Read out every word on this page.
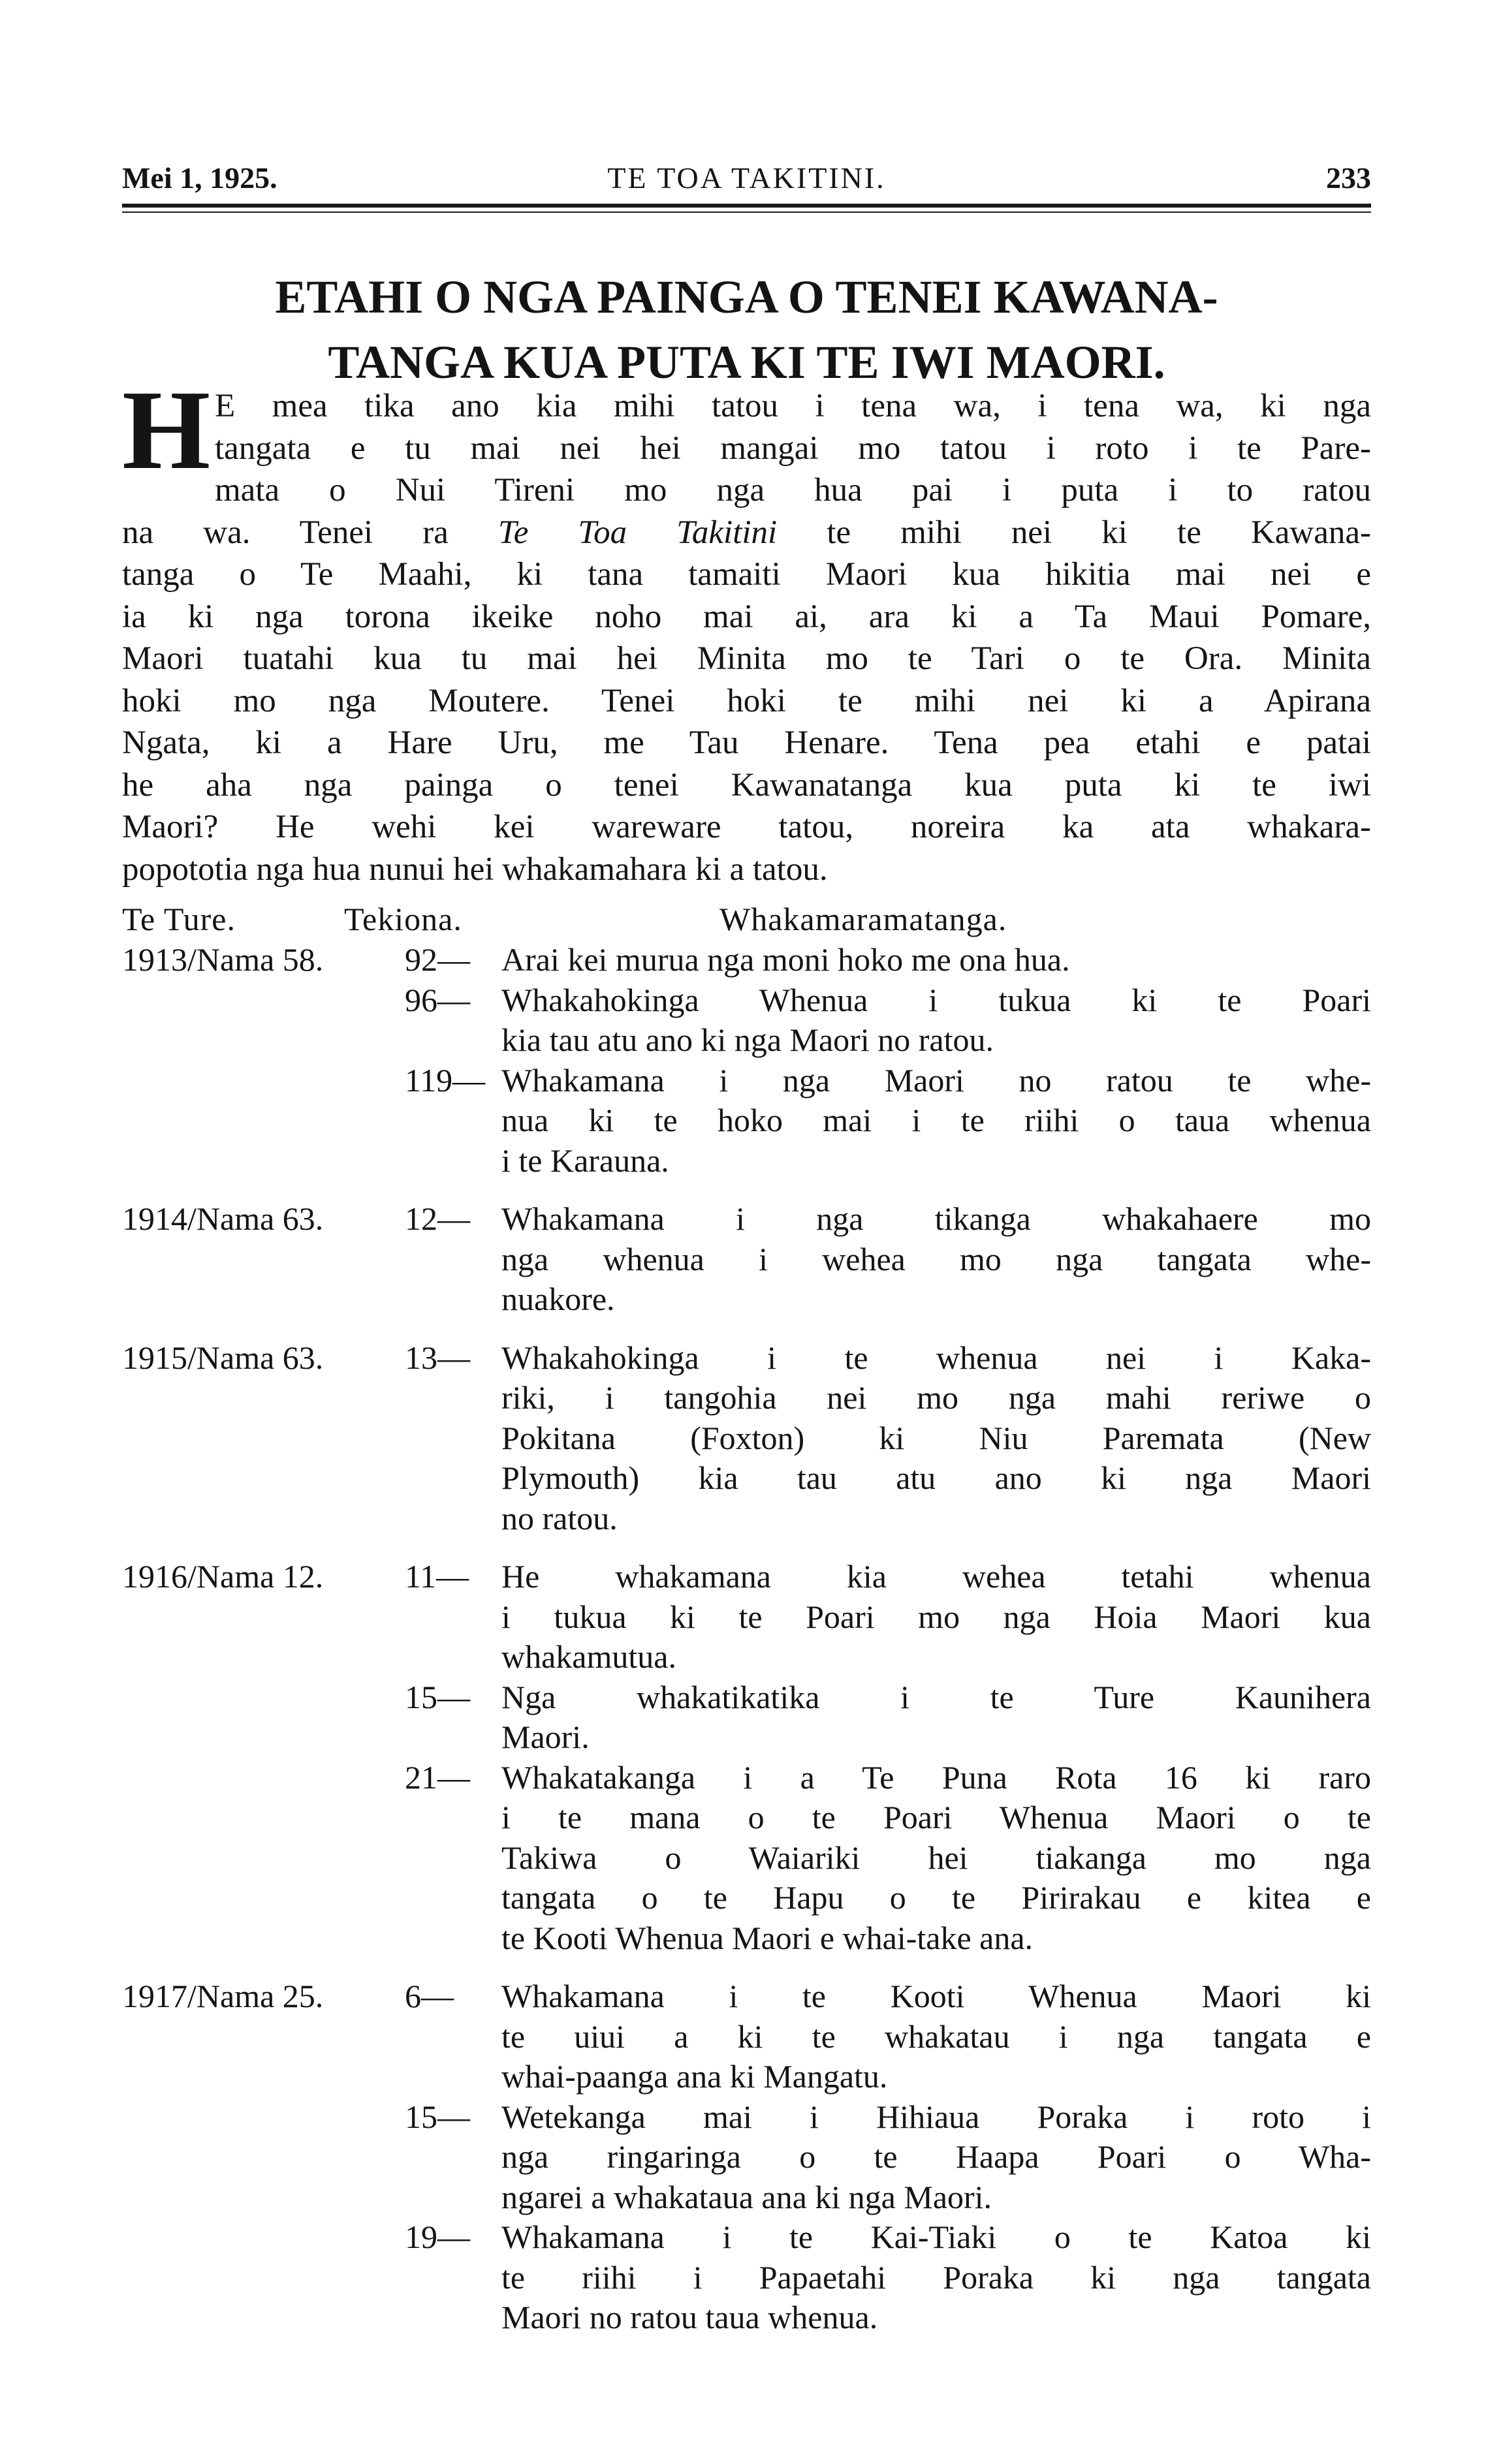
Mei 1, 1925.	TE TOA TAKITINI.	233
ETAHI O NGA PAINGA O TENEI KAWANA-
TANGA KUA PUTA KI TE IWI MAORI.
H E mea tika ano kia mihi tatou i tena wa, i tena wa, ki nga
tangata e tu mai nei hei mangai mo tatou i roto i te Pare-
mata o Nui Tireni mo nga hua pai i puta i to ratou
na wa. Tenei ra Te Toa Takitini te mihi nei ki te Kawana-
tanga o Te Maahi, ki tana tamaiti Maori kua hikitia mai nei e
ia ki nga torona ikeike noho mai ai, ara ki a Ta Maui Pomare,
Maori tuatahi kua tu mai hei Minita mo te Tari o te Ora. Minita
hoki mo nga Moutere. Tenei hoki te mihi nei ki a Apirana
Ngata, ki a Hare Uru, me Tau Henare. Tena pea etahi e patai
he aha nga painga o tenei Kawanatanga kua puta ki te iwi
Maori? He wehi kei wareware tatou, noreira ka ata whakara-
popototia nga hua nunui hei whakamahara ki a tatou.
Te Ture.	Tekiona.	Whakamaramatanga.
1913/Nama 58. 92— Arai kei murua nga moni hoko me ona hua.
96— Whakahokinga Whenua i tukua ki te Poari
kia tau atu ano ki nga Maori no ratou.
119— Whakamana i nga Maori no ratou te whe-
nua ki te hoko mai i te riihi o taua whenua
i te Karauna.
1914/Nama 63. 12— Whakamana i nga tikanga whakahaere mo
nga whenua i wehea mo nga tangata whe-
nuakore.
1915/Nama 63. 13— Whakahokinga i te whenua nei i Kaka-
riki, i tangohia nei mo nga mahi reriwe o
Pokitana (Foxton) ki Niu Paremata (New
Plymouth) kia tau atu ano ki nga Maori
no ratou.
1916/Nama 12. 11— He whakamana kia wehea tetahi whenua
i tukua ki te Poari mo nga Hoia Maori kua
whakamutua.
15— Nga whakatikatika i te Ture Kaunihera
Maori.
21— Whakatakanga i a Te Puna Rota 16 ki raro
i te mana o te Poari Whenua Maori o te
Takiwa o Waiariki hei tiakanga mo nga
tangata o te Hapu o te Pirirakau e kitea e
te Kooti Whenua Maori e whai-take ana.
1917/Nama 25. 6— Whakamana i te Kooti Whenua Maori ki
te uiui a ki te whakatau i nga tangata e
whai-paanga ana ki Mangatu.
15— Wetekanga mai i Hihiaua Poraka i roto i
nga ringaringa o te Haapa Poari o Wha-
ngarei a whakataua ana ki nga Maori.
19— Whakamana i te Kai-Tiaki o te Katoa ki
te riihi i Papaetahi Poraka ki nga tangata
Maori no ratou taua whenua.
